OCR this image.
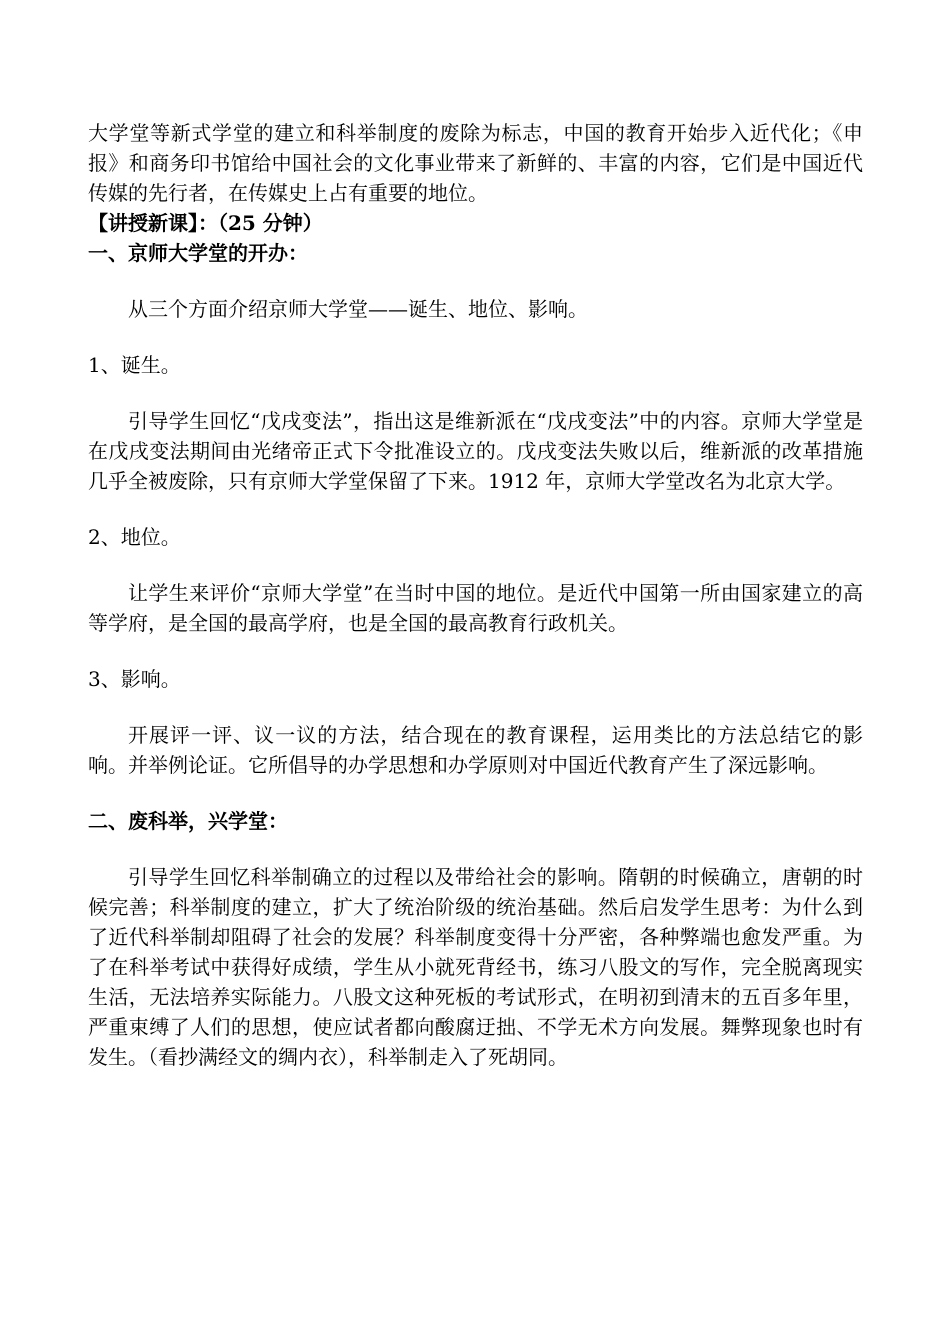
大学堂等新式学堂的建立和科举制度的废除为标志，中国的教育开始步入近代化；《申报》和商务印书馆给中国社会的文化事业带来了新鲜的、丰富的内容，它们是中国近代传媒的先行者，在传媒史上占有重要的地位。

【讲授新课】：（25 分钟）

一、京师大学堂的开办：

从三个方面介绍京师大学堂——诞生、地位、影响。

1、诞生。

引导学生回忆“戊戌变法”，指出这是维新派在“戊戌变法”中的内容。京师大学堂是在戊戌变法期间由光绪帝正式下令批准设立的。戊戌变法失败以后，维新派的改革措施几乎全被废除，只有京师大学堂保留了下来。1912 年，京师大学堂改名为北京大学。

2、地位。

让学生来评价“京师大学堂”在当时中国的地位。是近代中国第一所由国家建立的高等学府，是全国的最高学府，也是全国的最高教育行政机关。

3、影响。

开展评一评、议一议的方法，结合现在的教育课程，运用类比的方法总结它的影响。并举例论证。它所倡导的办学思想和办学原则对中国近代教育产生了深远影响。

二、废科举，兴学堂：

引导学生回忆科举制确立的过程以及带给社会的影响。隋朝的时候确立，唐朝的时候完善；科举制度的建立，扩大了统治阶级的统治基础。然后启发学生思考：为什么到了近代科举制却阻碍了社会的发展？科举制度变得十分严密，各种弊端也愈发严重。为了在科举考试中获得好成绩，学生从小就死背经书，练习八股文的写作，完全脱离现实生活，无法培养实际能力。八股文这种死板的考试形式，在明初到清末的五百多年里，严重束缚了人们的思想，使应试者都向酸腐迂拙、不学无术方向发展。舞弊现象也时有发生。（看抄满经文的绸内衣），科举制走入了死胡同。
